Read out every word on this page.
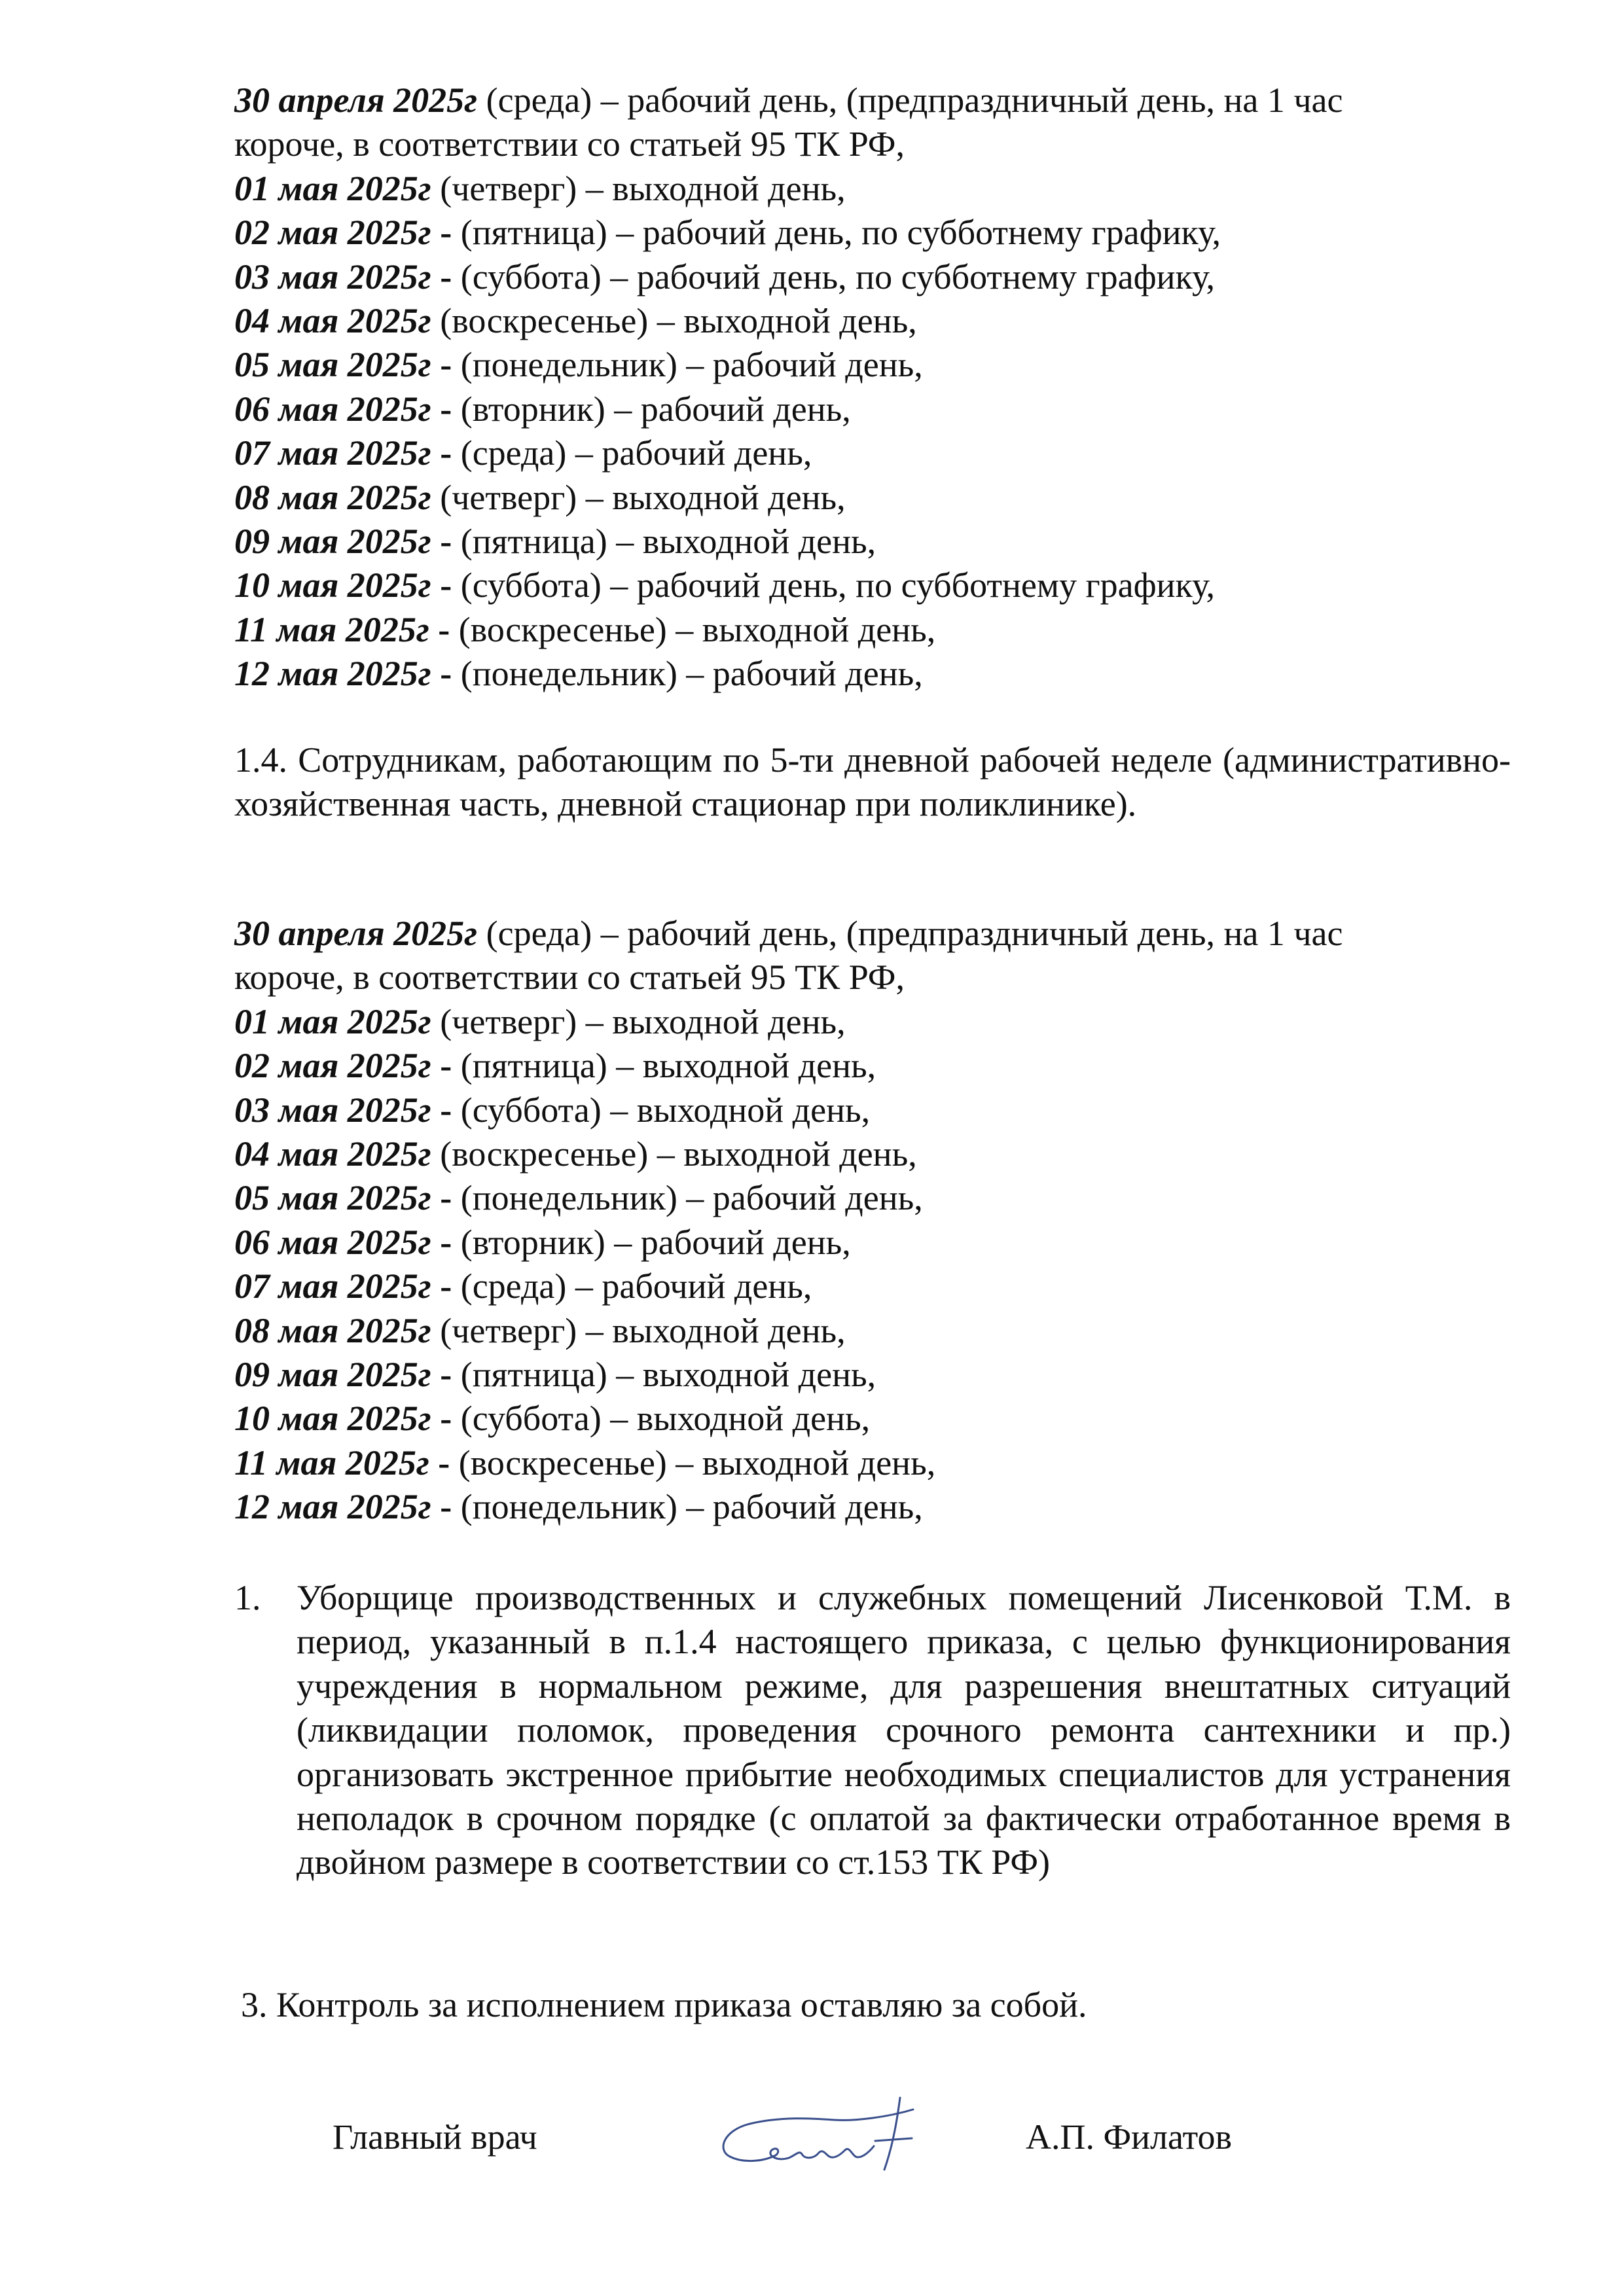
30 апреля 2025г (среда) – рабочий день, (предпраздничный день, на 1 час
короче, в соответствии со статьей 95 ТК РФ,
01 мая 2025г (четверг) – выходной день,
02 мая 2025г - (пятница) – рабочий день, по субботнему графику,
03 мая 2025г - (суббота) – рабочий день, по субботнему графику,
04 мая 2025г (воскресенье) – выходной день,
05 мая 2025г - (понедельник) – рабочий день,
06 мая 2025г - (вторник) – рабочий день,
07 мая 2025г - (среда) – рабочий день,
08 мая 2025г (четверг) – выходной день,
09 мая 2025г - (пятница) – выходной день,
10 мая 2025г - (суббота) – рабочий день, по субботнему графику,
11 мая 2025г - (воскресенье) – выходной день,
12 мая 2025г - (понедельник) – рабочий день,
1.4. Сотрудникам, работающим по 5-ти дневной рабочей неделе (административно-хозяйственная часть, дневной стационар при поликлинике).
30 апреля 2025г (среда) – рабочий день, (предпраздничный день, на 1 час
короче, в соответствии со статьей 95 ТК РФ,
01 мая 2025г (четверг) – выходной день,
02 мая 2025г - (пятница) – выходной день,
03 мая 2025г - (суббота) – выходной день,
04 мая 2025г (воскресенье) – выходной день,
05 мая 2025г - (понедельник) – рабочий день,
06 мая 2025г - (вторник) – рабочий день,
07 мая 2025г - (среда) – рабочий день,
08 мая 2025г (четверг) – выходной день,
09 мая 2025г - (пятница) – выходной день,
10 мая 2025г - (суббота) – выходной день,
11 мая 2025г - (воскресенье) – выходной день,
12 мая 2025г - (понедельник) – рабочий день,
1. Уборщице производственных и служебных помещений Лисенковой Т.М. в период, указанный в п.1.4 настоящего приказа, с целью функционирования учреждения в нормальном режиме, для разрешения внештатных ситуаций (ликвидации поломок, проведения срочного ремонта сантехники и пр.) организовать экстренное прибытие необходимых специалистов для устранения неполадок в срочном порядке (с оплатой за фактически отработанное время в двойном размере в соответствии со ст.153 ТК РФ)
3. Контроль за исполнением приказа оставляю за собой.
Главный врач	А.П. Филатов
